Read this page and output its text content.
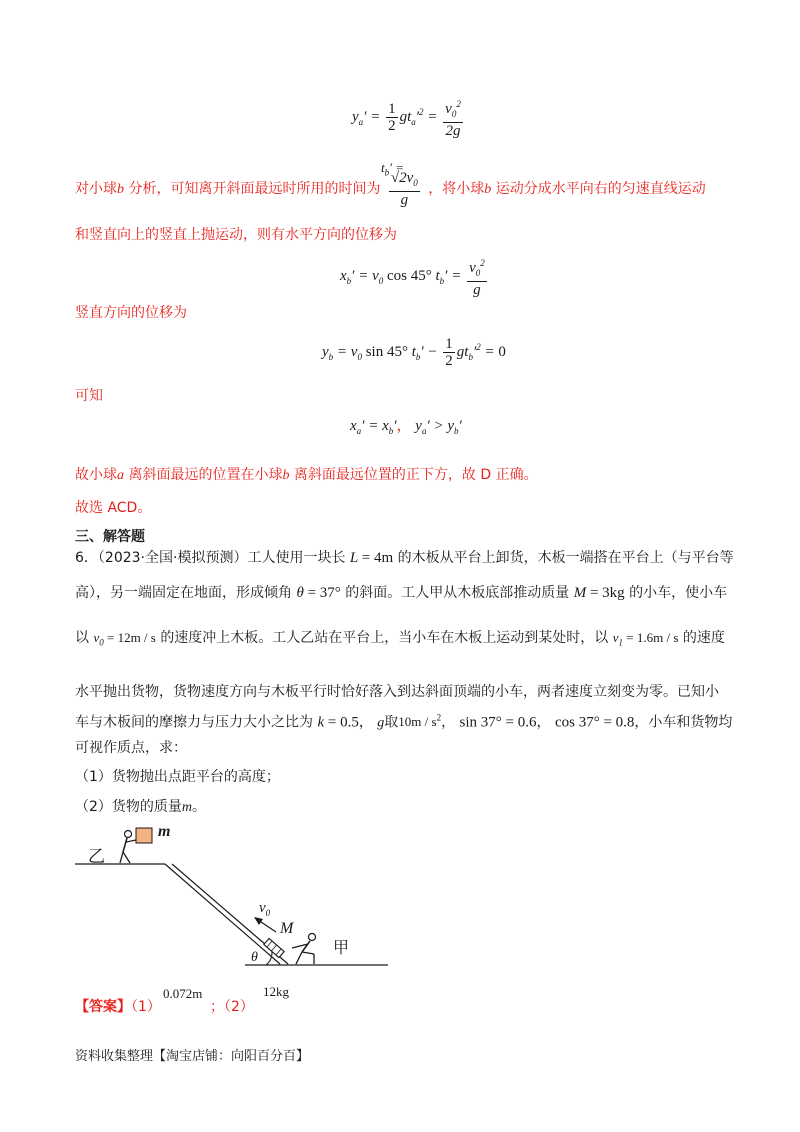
$y_a' = \frac{1}{2} gt_a'^2 = \frac{v_0^2}{2g}$
对小球b 分析，可知离开斜面最远时所用的时间为 $\frac{√2v_0}{g}$ ，将小球b 运动分成水平向右的匀速直线运动
$t_b'$ =
和竖直向上的竖直上抛运动，则有水平方向的位移为
$x_b' = v_0$ cos 45° $t_b' = \frac{v_0^2}{g}$
竖直方向的位移为
$y_b = v_0$ sin 45° $t_b' - \frac{1}{2} gt_b'^2 = 0$
可知
$x_a' = x_b'$， $y_a' > y_b'$
故小球a 离斜面最远的位置在小球b 离斜面最远位置的正下方，故 D 正确。
故选 ACD。
三、解答题
6．（2023·全国·模拟预测）工人使用一块长 L = 4m 的木板从平台上卸货，木板一端搭在平台上（与平台等
高），另一端固定在地面，形成倾角 θ = 37° 的斜面。工人甲从木板底部推动质量 M = 3kg 的小车，使小车
以 $v_0 = 12m / s$ 的速度冲上木板。工人乙站在平台上，当小车在木板上运动到某处时，以 $v_1 = 1.6m / s$ 的速度
水平抛出货物，货物速度方向与木板平行时恰好落入到达斜面顶端的小车，两者速度立刻变为零。已知小
车与木板间的摩擦力与压力大小之比为 k = 0.5， g取$10m / s^2$， sin 37° = 0.6， cos 37° = 0.8，小车和货物均
可视作质点，求：
（1）货物抛出点距平台的高度；
（2）货物的质量m。
乙
m
$v_0$
M
θ
甲
【答案】（1）
0.072m
；（2）
12kg
资料收集整理【淘宝店铺：向阳百分百】
